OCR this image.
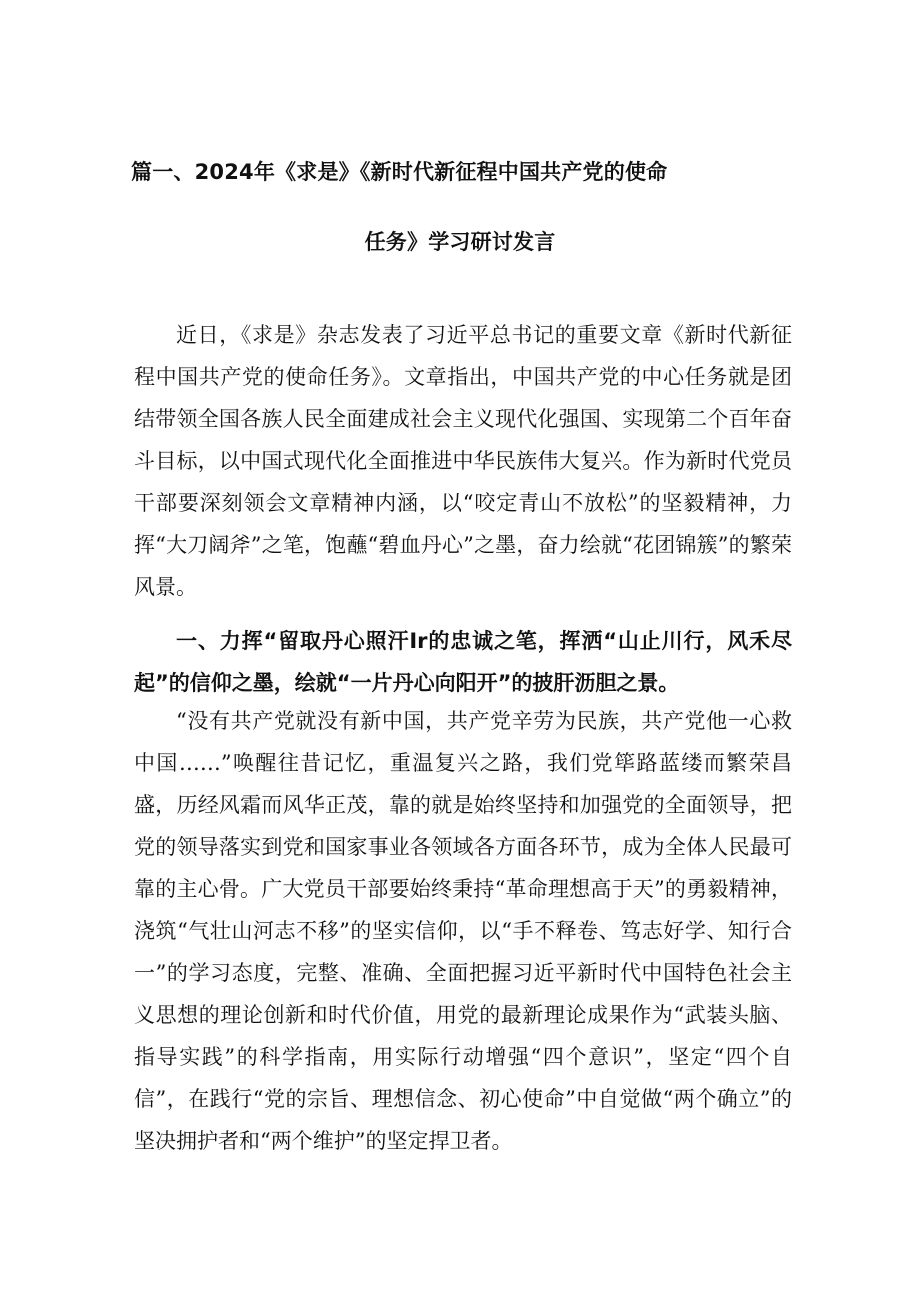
篇一、2024年《求是》《新时代新征程中国共产党的使命
任务》学习研讨发言

近日，《求是》杂志发表了习近平总书记的重要文章《新时代新征程中国共产党的使命任务》。文章指出，中国共产党的中心任务就是团结带领全国各族人民全面建成社会主义现代化强国、实现第二个百年奋斗目标，以中国式现代化全面推进中华民族伟大复兴。作为新时代党员干部要深刻领会文章精神内涵，以“咬定青山不放松”的坚毅精神，力挥“大刀阔斧”之笔，饱蘸“碧血丹心”之墨，奋力绘就“花团锦簇”的繁荣风景。

一、力挥“留取丹心照汗Ir的忠诚之笔，挥洒“山止川行，风禾尽起”的信仰之墨，绘就“一片丹心向阳开”的披肝沥胆之景。

“没有共产党就没有新中国，共产党辛劳为民族，共产党他一心救中国……”唤醒往昔记忆，重温复兴之路，我们党筚路蓝缕而繁荣昌盛，历经风霜而风华正茂，靠的就是始终坚持和加强党的全面领导，把党的领导落实到党和国家事业各领域各方面各环节，成为全体人民最可靠的主心骨。广大党员干部要始终秉持“革命理想高于天”的勇毅精神，浇筑“气壮山河志不移”的坚实信仰，以“手不释卷、笃志好学、知行合一”的学习态度，完整、准确、全面把握习近平新时代中国特色社会主义思想的理论创新和时代价值，用党的最新理论成果作为“武装头脑、指导实践”的科学指南，用实际行动增强“四个意识”，坚定“四个自信”，在践行“党的宗旨、理想信念、初心使命”中自觉做“两个确立”的坚决拥护者和“两个维护”的坚定捍卫者。
